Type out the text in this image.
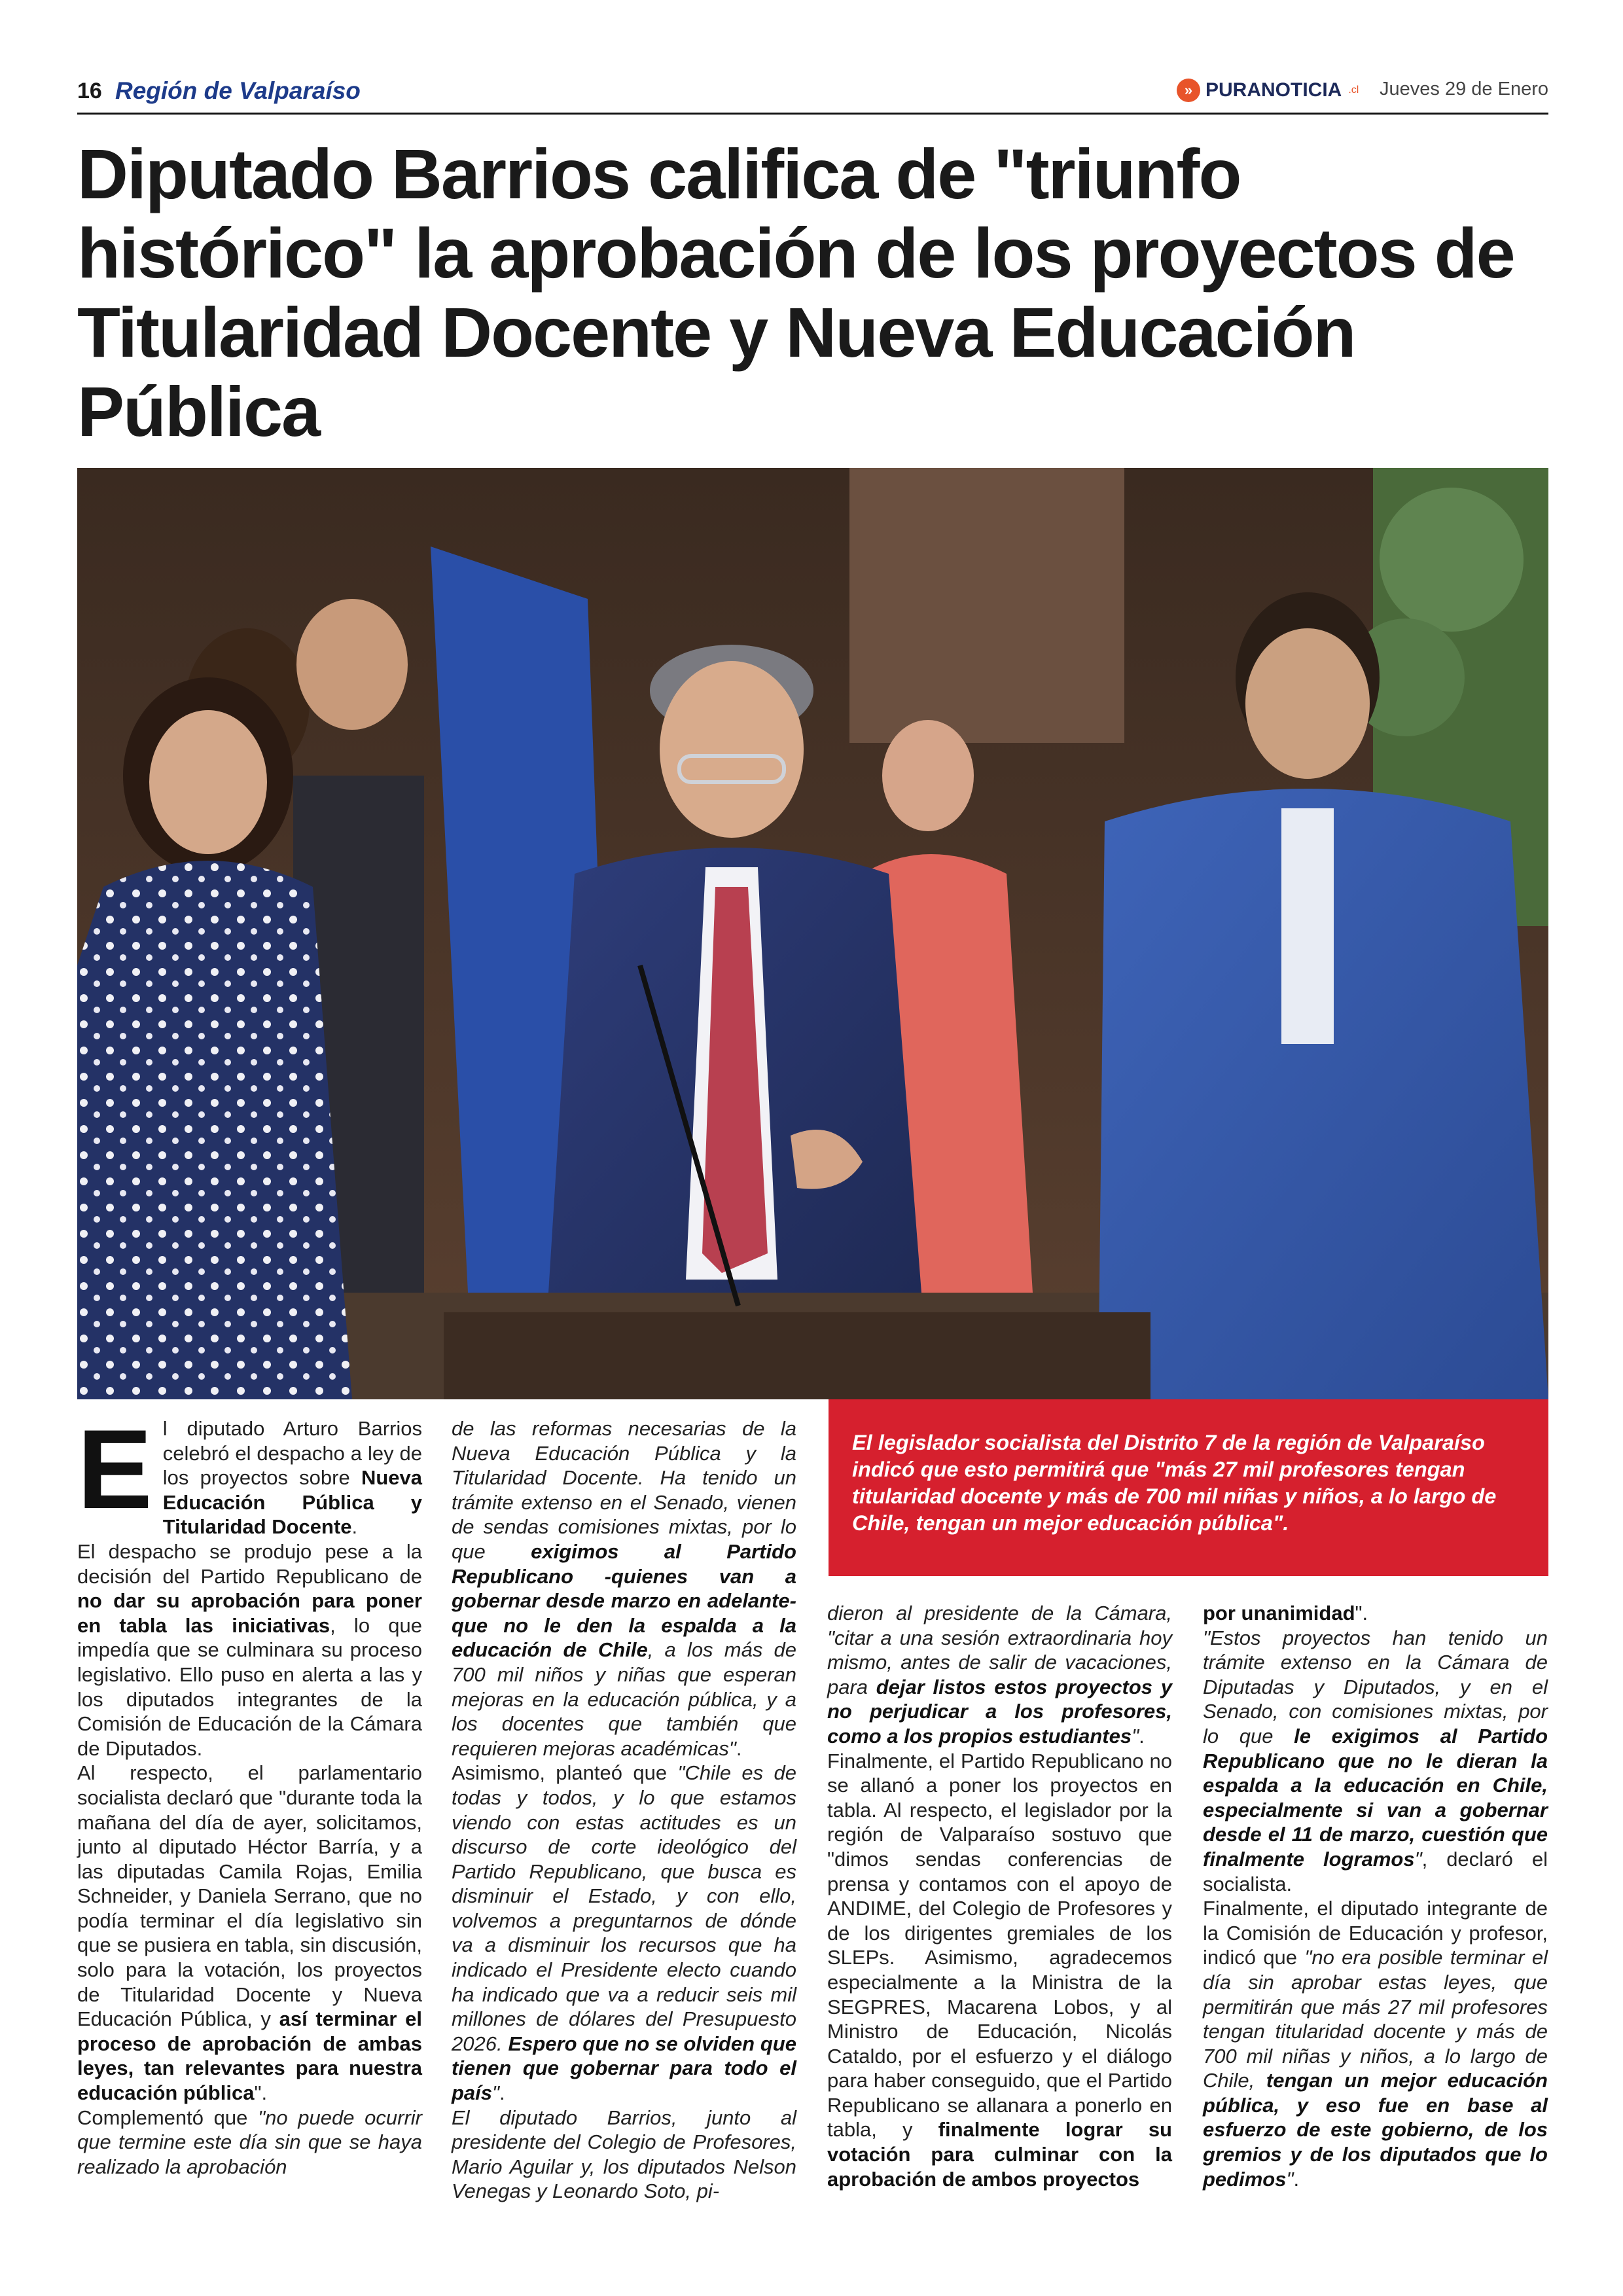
16 Región de Valparaíso	» PURANOTICIA .cl Jueves 29 de Enero
Diputado Barrios califica de "triunfo histórico" la aprobación de los proyectos de Titularidad Docente y Nueva Educación Pública

El diputado Arturo Barrios celebró el despacho a ley de los proyectos sobre Nueva Educación Pública y Titularidad Docente.

El despacho se produjo pese a la decisión del Partido Republicano de no dar su aprobación para poner en tabla las iniciativas, lo que impedía que se culminara su proceso legislativo. Ello puso en alerta a las y los diputados integrantes de la Comisión de Educación de la Cámara de Diputados.

Al respecto, el parlamentario socialista declaró que "durante toda la mañana del día de ayer, solicitamos, junto al diputado Héctor Barría, y a las diputadas Camila Rojas, Emilia Schneider, y Daniela Serrano, que no podía terminar el día legislativo sin que se pusiera en tabla, sin discusión, solo para la votación, los proyectos de Titularidad Docente y Nueva Educación Pública, y así terminar el proceso de aprobación de ambas leyes, tan relevantes para nuestra educación pública".

Complementó que "no puede ocurrir que termine este día sin que se haya realizado la aprobación

de las reformas necesarias de la Nueva Educación Pública y la Titularidad Docente. Ha tenido un trámite extenso en el Senado, vienen de sendas comisiones mixtas, por lo que exigimos al Partido Republicano -quienes van a gobernar desde marzo en adelante- que no le den la espalda a la educación de Chile, a los más de 700 mil niños y niñas que esperan mejoras en la educación pública, y a los docentes que también que requieren mejoras académicas".

Asimismo, planteó que "Chile es de todas y todos, y lo que estamos viendo con estas actitudes es un discurso de corte ideológico del Partido Republicano, que busca es disminuir el Estado, y con ello, volvemos a preguntarnos de dónde va a disminuir los recursos que ha indicado el Presidente electo cuando ha indicado que va a reducir seis mil millones de dólares del Presupuesto 2026. Espero que no se olviden que tienen que gobernar para todo el país".

El diputado Barrios, junto al presidente del Colegio de Profesores, Mario Aguilar y, los diputados Nelson Venegas y Leonardo Soto, pi-

El legislador socialista del Distrito 7 de la región de Valparaíso indicó que esto permitirá que "más 27 mil profesores tengan titularidad docente y más de 700 mil niñas y niños, a lo largo de Chile, tengan un mejor educación pública".

dieron al presidente de la Cámara, "citar a una sesión extraordinaria hoy mismo, antes de salir de vacaciones, para dejar listos estos proyectos y no perjudicar a los profesores, como a los propios estudiantes".

Finalmente, el Partido Republicano no se allanó a poner los proyectos en tabla. Al respecto, el legislador por la región de Valparaíso sostuvo que "dimos sendas conferencias de prensa y contamos con el apoyo de ANDIME, del Colegio de Profesores y de los dirigentes gremiales de los SLEPs. Asimismo, agradecemos especialmente a la Ministra de la SEGPRES, Macarena Lobos, y al Ministro de Educación, Nicolás Cataldo, por el esfuerzo y el diálogo para haber conseguido, que el Partido Republicano se allanara a ponerlo en tabla, y finalmente lograr su votación para culminar con la aprobación de ambos proyectos

por unanimidad".

"Estos proyectos han tenido un trámite extenso en la Cámara de Diputadas y Diputados, y en el Senado, con comisiones mixtas, por lo que le exigimos al Partido Republicano que no le dieran la espalda a la educación en Chile, especialmente si van a gobernar desde el 11 de marzo, cuestión que finalmente logramos", declaró el socialista.

Finalmente, el diputado integrante de la Comisión de Educación y profesor, indicó que "no era posible terminar el día sin aprobar estas leyes, que permitirán que más 27 mil profesores tengan titularidad docente y más de 700 mil niñas y niños, a lo largo de Chile, tengan un mejor educación pública, y eso fue en base al esfuerzo de este gobierno, de los gremios y de los diputados que lo pedimos".
